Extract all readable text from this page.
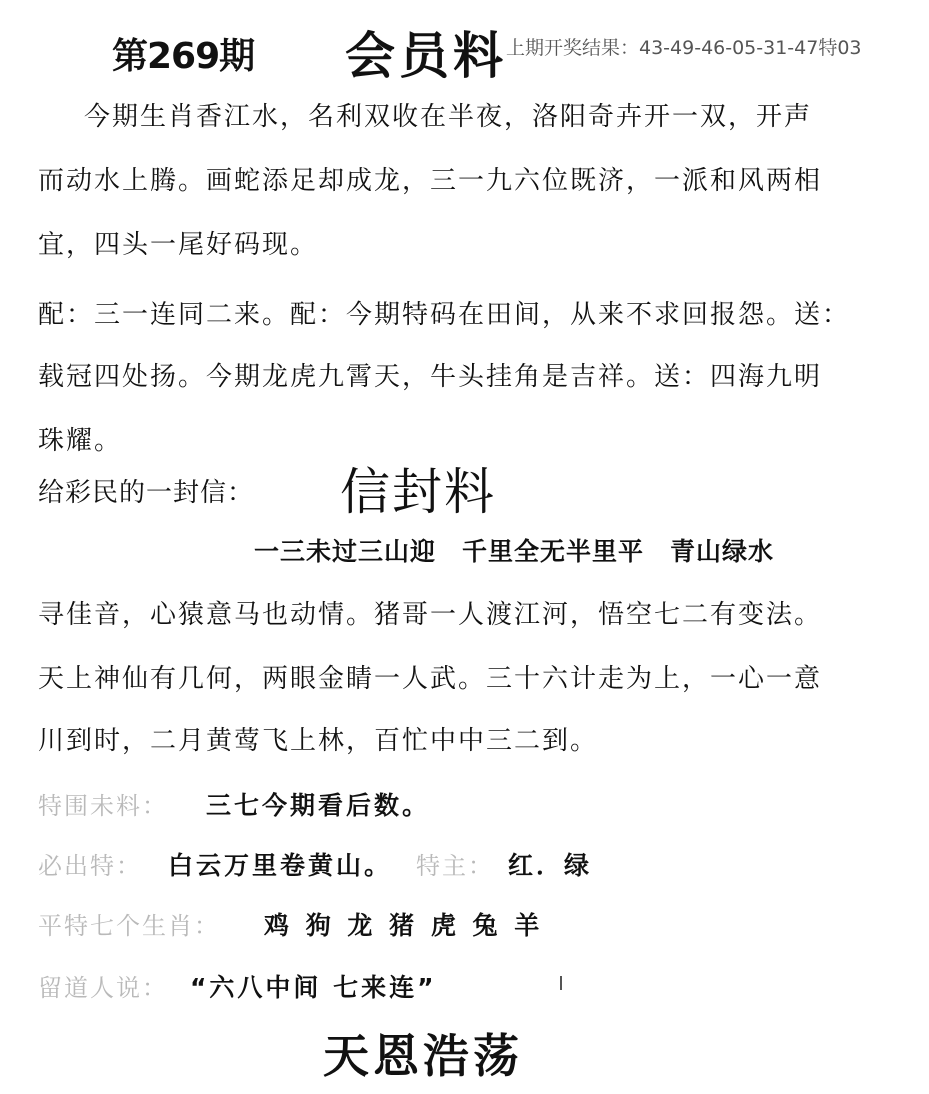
第269期 会员料 上期开奖结果：43-49-46-05-31-47特03
今期生肖香江水，名利双收在半夜，洛阳奇卉开一双，开声
而动水上腾。画蛇添足却成龙，三一九六位既济，一派和风两相
宜，四头一尾好码现。
配：三一连同二来。配：今期特码在田间，从来不求回报怨。送：
载冠四处扬。今期龙虎九霄天，牛头挂角是吉祥。送：四海九明
珠耀。
给彩民的一封信： 信封料
一三未过三山迎　千里全无半里平　青山绿水
寻佳音，心猿意马也动情。猪哥一人渡江河，悟空七二有变法。
天上神仙有几何，两眼金睛一人武。三十六计走为上，一心一意
川到时，二月黄莺飞上林，百忙中中三二到。
特围未料： 三七今期看后数。
必出特： 白云万里卷黄山。 特主： 红．绿
平特七个生肖： 鸡 狗 龙 猪 虎 兔 羊
留道人说： “六八中间 七来连”
天恩浩荡
